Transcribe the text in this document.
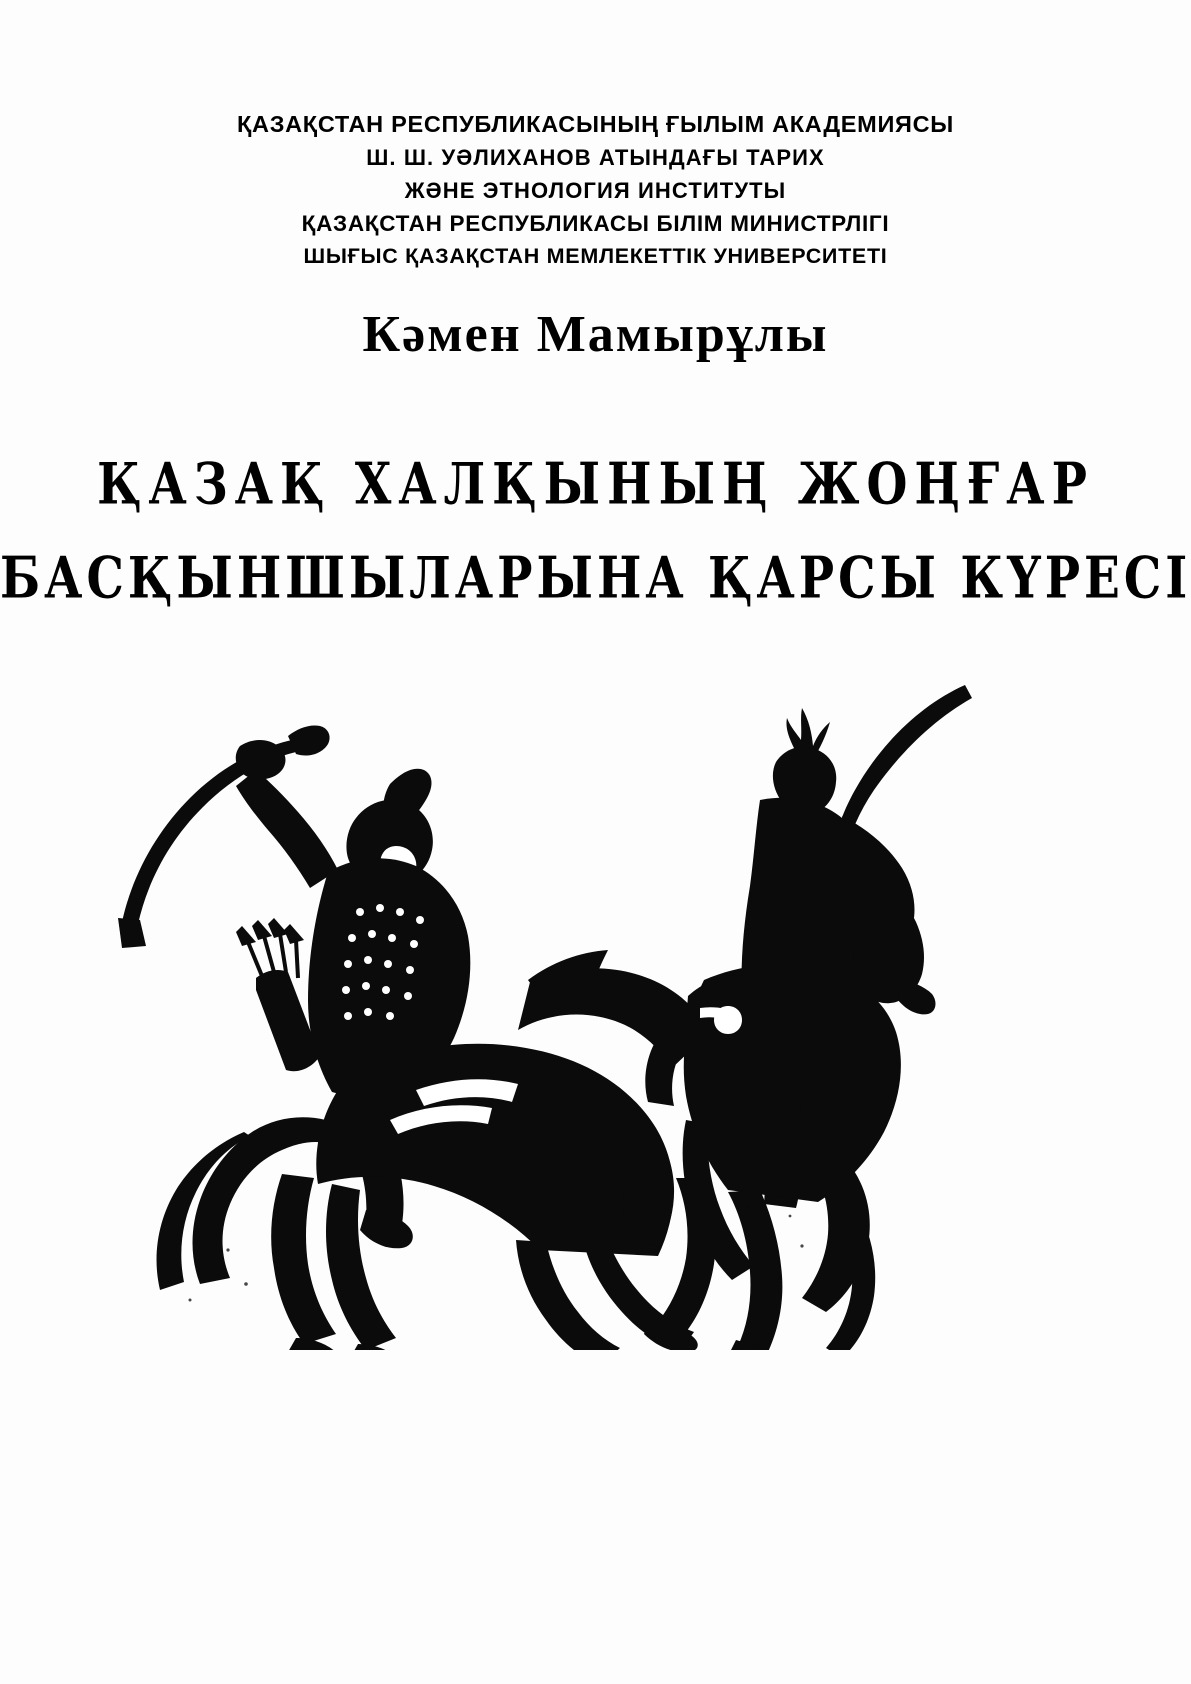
ҚАЗАҚСТАН РЕСПУБЛИКАСЫНЫҢ ҒЫЛЫМ АКАДЕМИЯСЫ
Ш. Ш. УӘЛИХАНОВ АТЫНДАҒЫ ТАРИХ
ЖӘНЕ ЭТНОЛОГИЯ ИНСТИТУТЫ
ҚАЗАҚСТАН РЕСПУБЛИКАСЫ БІЛІМ МИНИСТРЛІГІ
ШЫҒЫС ҚАЗАҚСТАН МЕМЛЕКЕТТІК УНИВЕРСИТЕТІ
Кәмен Мамырұлы
ҚАЗАҚ ХАЛҚЫНЫҢ ЖОҢҒАР
БАСҚЫНШЫЛАРЫНА ҚАРСЫ КҮРЕСІ
